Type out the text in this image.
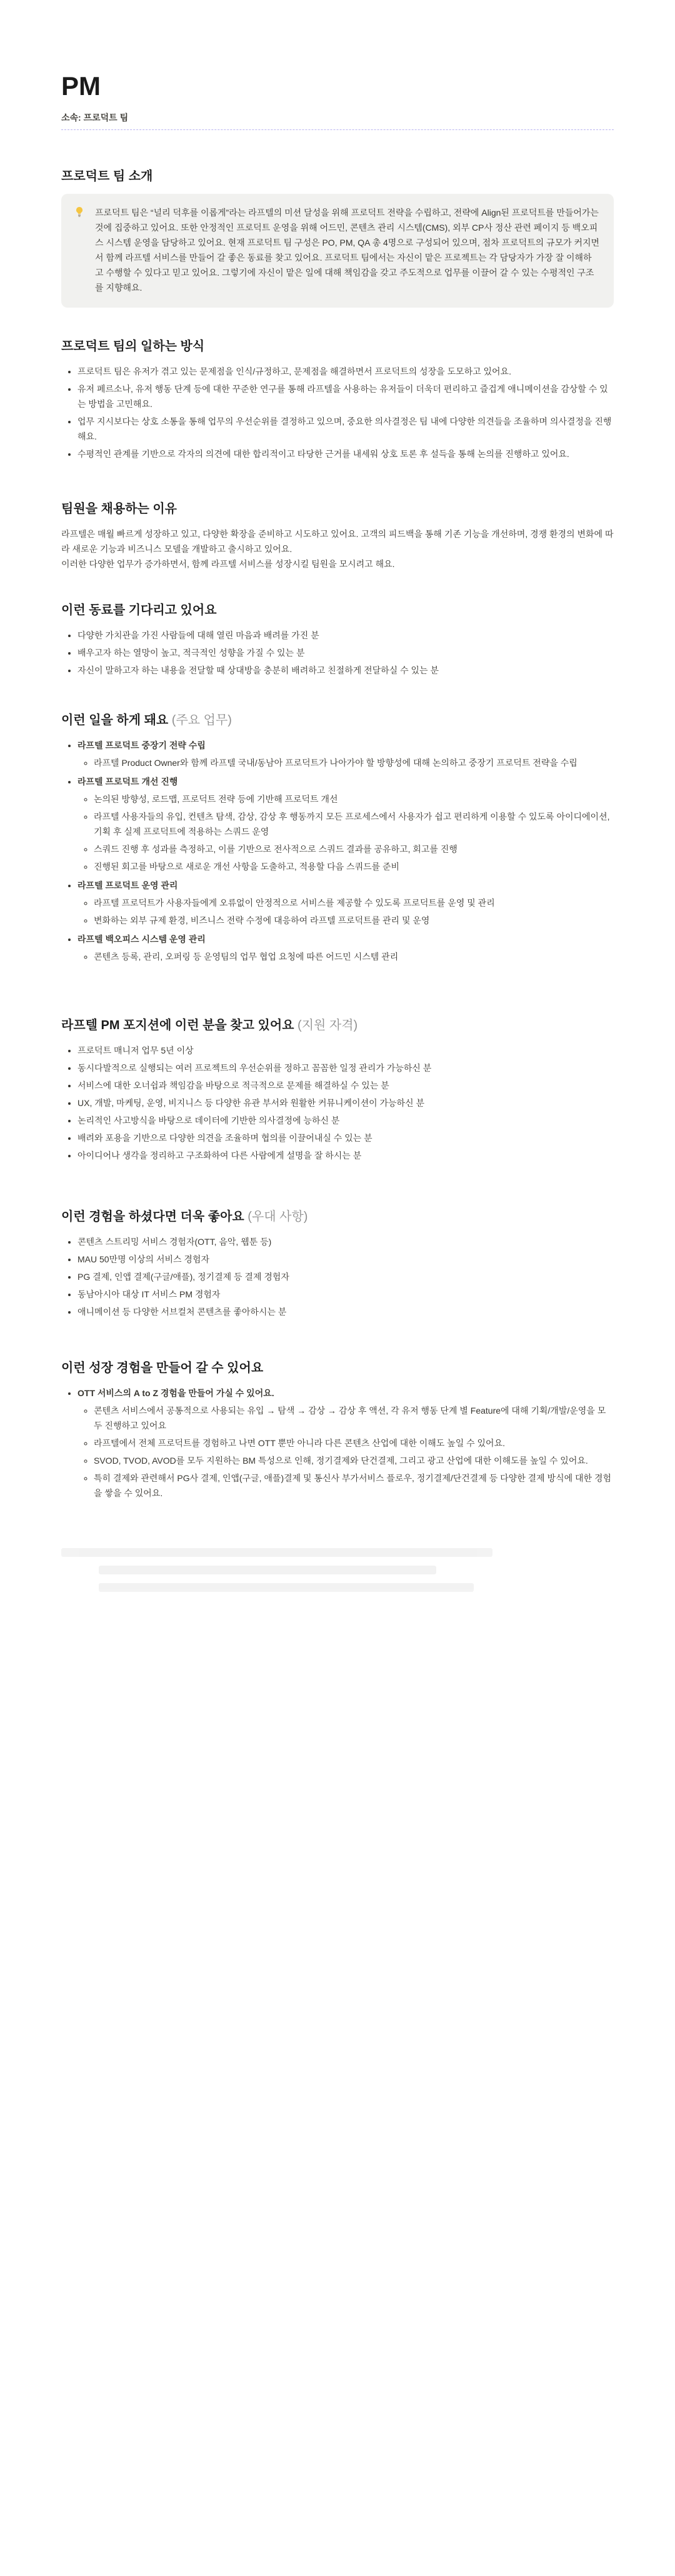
PM
소속: 프로덕트 팀
프로덕트 팀 소개
프로덕트 팀은 “널리 덕후를 이롭게”라는 라프텔의 미션 달성을 위해 프로덕트 전략을 수립하고, 전략에 Align된 프로덕트를 만들어가는 것에 집중하고 있어요. 또한 안정적인 프로덕트 운영을 위해 어드민, 콘텐츠 관리 시스템(CMS), 외부 CP사 정산 관련 페이지 등 백오피스 시스템 운영을 담당하고 있어요. 현재 프로덕트 팀 구성은 PO, PM, QA 총 4명으로 구성되어 있으며, 점차 프로덕트의 규모가 커지면서 함께 라프텔 서비스를 만들어 갈 좋은 동료를 찾고 있어요. 프로덕트 팀에서는 자신이 맡은 프로젝트는 각 담당자가 가장 잘 이해하고 수행할 수 있다고 믿고 있어요. 그렇기에 자신이 맡은 일에 대해 책임감을 갖고 주도적으로 업무를 이끌어 갈 수 있는 수평적인 구조를 지향해요.
프로덕트 팀의 일하는 방식
• 프로덕트 팀은 유저가 겪고 있는 문제점을 인식/규정하고, 문제점을 해결하면서 프로덕트의 성장을 도모하고 있어요.
• 유저 페르소나, 유저 행동 단계 등에 대한 꾸준한 연구를 통해 라프텔을 사용하는 유저들이 더욱더 편리하고 즐겁게 애니메이션을 감상할 수 있는 방법을 고민해요.
• 업무 지시보다는 상호 소통을 통해 업무의 우선순위를 결정하고 있으며, 중요한 의사결정은 팀 내에 다양한 의견들을 조율하며 의사결정을 진행해요.
• 수평적인 관계를 기반으로 각자의 의견에 대한 합리적이고 타당한 근거를 내세워 상호 토론 후 설득을 통해 논의를 진행하고 있어요.
팀원을 채용하는 이유

라프텔은 매월 빠르게 성장하고 있고, 다양한 확장을 준비하고 시도하고 있어요. 고객의 피드백을 통해 기존 기능을 개선하며, 경쟁 환경의 변화에 따라 새로운 기능과 비즈니스 모델을 개발하고 출시하고 있어요.

이러한 다양한 업무가 증가하면서, 함께 라프텔 서비스를 성장시킬 팀원을 모시려고 해요.

이런 동료를 기다리고 있어요
• 다양한 가치관을 가진 사람들에 대해 열린 마음과 배려를 가진 분
• 배우고자 하는 열망이 높고, 적극적인 성향을 가질 수 있는 분
• 자신이 말하고자 하는 내용을 전달할 때 상대방을 충분히 배려하고 친절하게 전달하실 수 있는 분
이런 일을 하게 돼요 (주요 업무)
• 라프텔 프로덕트 중장기 전략 수립
◦ 라프텔 Product Owner와 함께 라프텔 국내/동남아 프로덕트가 나아가야 할 방향성에 대해 논의하고 중장기 프로덕트 전략을 수립
• 라프텔 프로덕트 개선 진행
◦ 논의된 방향성, 로드맵, 프로덕트 전략 등에 기반해 프로덕트 개선
◦ 라프텔 사용자들의 유입, 컨텐츠 탐색, 감상, 감상 후 행동까지 모든 프로세스에서 사용자가 쉽고 편리하게 이용할 수 있도록 아이디에이션, 기획 후 실제 프로덕트에 적용하는 스쿼드 운영
◦ 스쿼드 진행 후 성과를 측정하고, 이를 기반으로 전사적으로 스쿼드 결과를 공유하고, 회고를 진행
◦ 진행된 회고를 바탕으로 새로운 개선 사항을 도출하고, 적용할 다음 스쿼드를 준비
• 라프텔 프로덕트 운영 관리
◦ 라프텔 프로덕트가 사용자들에게 오류없이 안정적으로 서비스를 제공할 수 있도록 프로덕트를 운영 및 관리
◦ 변화하는 외부 규제 환경, 비즈니스 전략 수정에 대응하여 라프텔 프로덕트를 관리 및 운영
• 라프텔 백오피스 시스템 운영 관리
◦ 콘텐츠 등록, 관리, 오퍼링 등 운영팀의 업무 협업 요청에 따른 어드민 시스템 관리
라프텔 PM 포지션에 이런 분을 찾고 있어요 (지원 자격)
• 프로덕트 매니저 업무 5년 이상
• 동시다발적으로 실행되는 여러 프로젝트의 우선순위를 정하고 꼼꼼한 일정 관리가 가능하신 분
• 서비스에 대한 오너쉽과 책임감을 바탕으로 적극적으로 문제를 해결하실 수 있는 분
• UX, 개발, 마케팅, 운영, 비지니스 등 다양한 유관 부서와 원활한 커뮤니케이션이 가능하신 분
• 논리적인 사고방식을 바탕으로 데이터에 기반한 의사결정에 능하신 분
• 배려와 포용을 기반으로 다양한 의견을 조율하며 협의를 이끌어내실 수 있는 분
• 아이디어나 생각을 정리하고 구조화하여 다른 사람에게 설명을 잘 하시는 분
이런 경험을 하셨다면 더욱 좋아요 (우대 사항)
• 콘텐츠 스트리밍 서비스 경험자(OTT, 음악, 웹툰 등)
• MAU 50만명 이상의 서비스 경험자
• PG 결제, 인앱 결제(구글/애플), 정기결제 등 결제 경험자
• 동남아시아 대상 IT 서비스 PM 경험자
• 애니메이션 등 다양한 서브컬처 콘텐츠를 좋아하시는 분
이런 성장 경험을 만들어 갈 수 있어요
• OTT 서비스의 A to Z 경험을 만들어 가실 수 있어요.
◦ 콘텐츠 서비스에서 공통적으로 사용되는 유입 → 탐색 → 감상 → 감상 후 액션, 각 유저 행동 단계 별 Feature에 대해 기획/개발/운영을 모두 진행하고 있어요
◦ 라프텔에서 전체 프로덕트를 경험하고 나면 OTT 뿐만 아니라 다른 콘텐츠 산업에 대한 이해도 높일 수 있어요.
◦ SVOD, TVOD, AVOD를 모두 지원하는 BM 특성으로 인해, 정기결제와 단건결제, 그리고 광고 산업에 대한 이해도를 높일 수 있어요.
◦ 특히 결제와 관련해서 PG사 결제, 인앱(구글, 애플)결제 및 통신사 부가서비스 플로우, 정기결제/단건결제 등 다양한 결제 방식에 대한 경험을 쌓을 수 있어요.
